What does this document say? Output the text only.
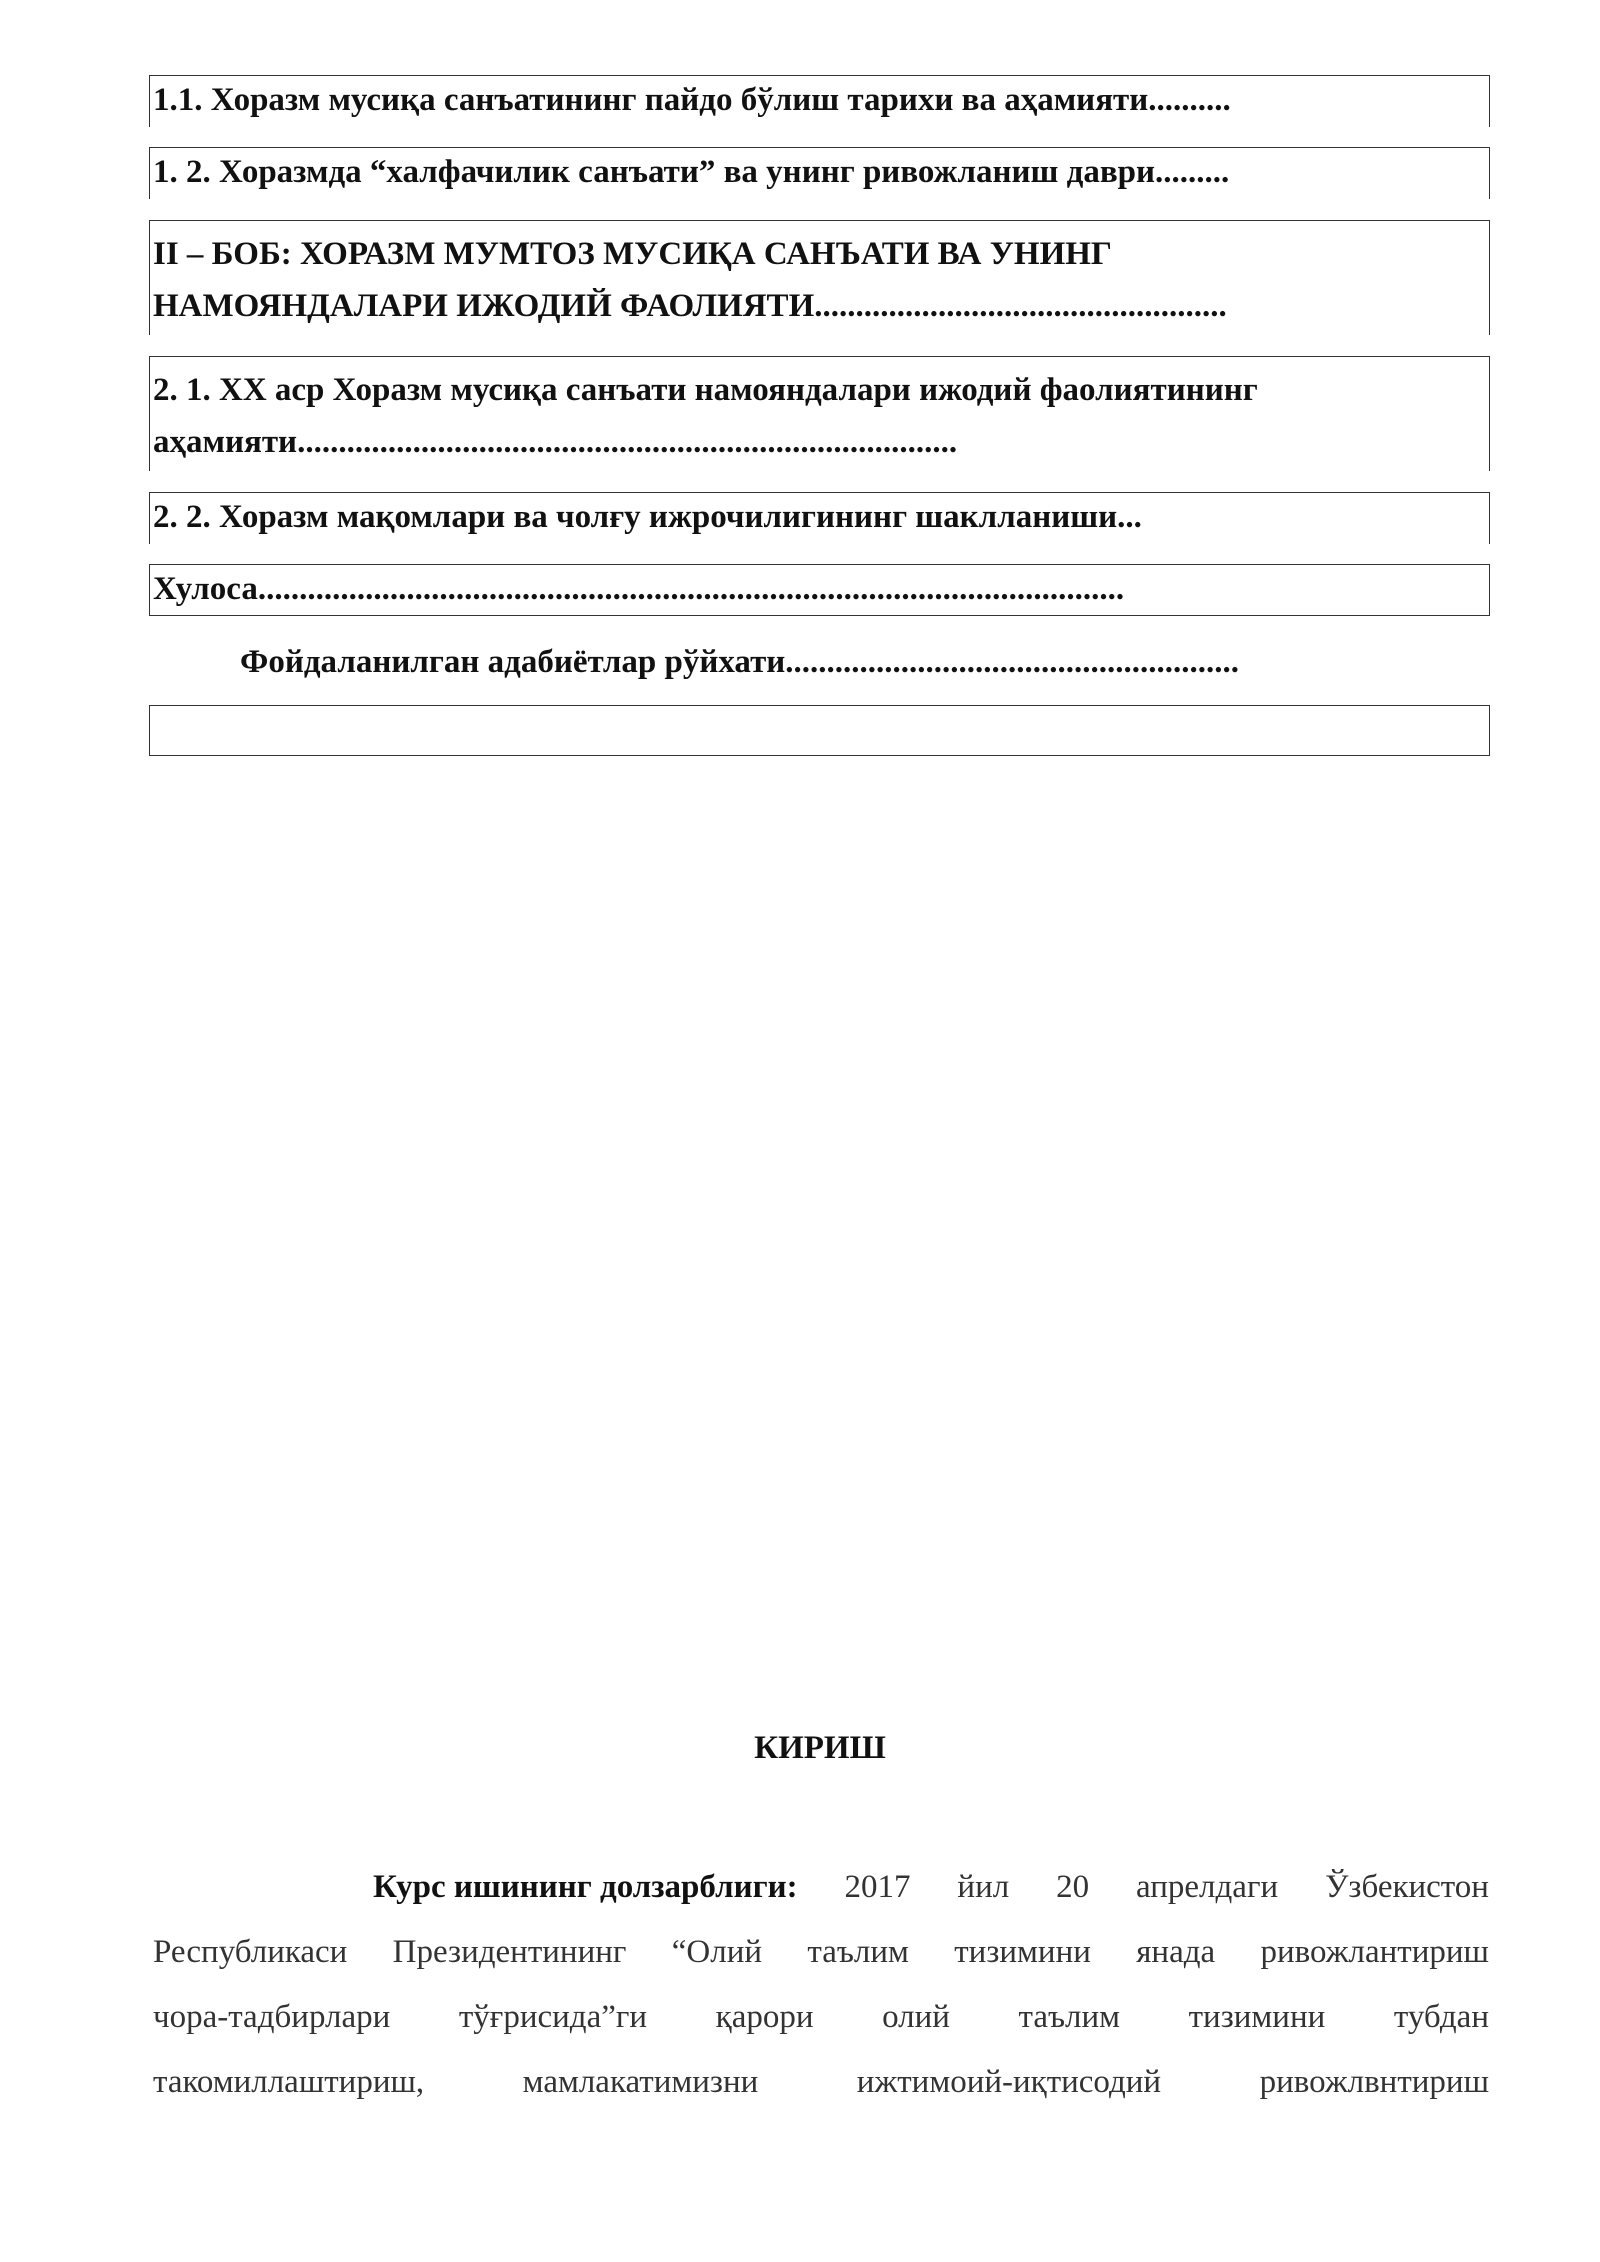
1.1. Хоразм мусиқа санъатининг пайдо бўлиш тарихи ва аҳамияти..........
1. 2. Хоразмда “халфачилик санъати” ва унинг ривожланиш даври.........
II – БОБ: ХОРАЗМ МУМТОЗ МУСИҚА САНЪАТИ ВА УНИНГ
НАМОЯНДАЛАРИ ИЖОДИЙ ФАОЛИЯТИ..................................................
2. 1. XX аср Хоразм мусиқа санъати намояндалари ижодий фаолиятининг
аҳамияти................................................................................
2. 2. Хоразм мақомлари ва чолғу ижрочилигининг шаклланиши...
Хулоса.........................................................................................................
Фойдаланилган адабиётлар рўйхати.......................................................
КИРИШ
Курс ишининг долзарблиги: 2017 йил 20 апрелдаги Ўзбекистон
Республикаси Президентининг “Олий таълим тизимини янада ривожлантириш
чора-тадбирлари тўғрисида”ги қарори олий таълим тизимини тубдан
такомиллаштириш,	мамлакатимизни	ижтимоий-иқтисодий	ривожлвнтириш
